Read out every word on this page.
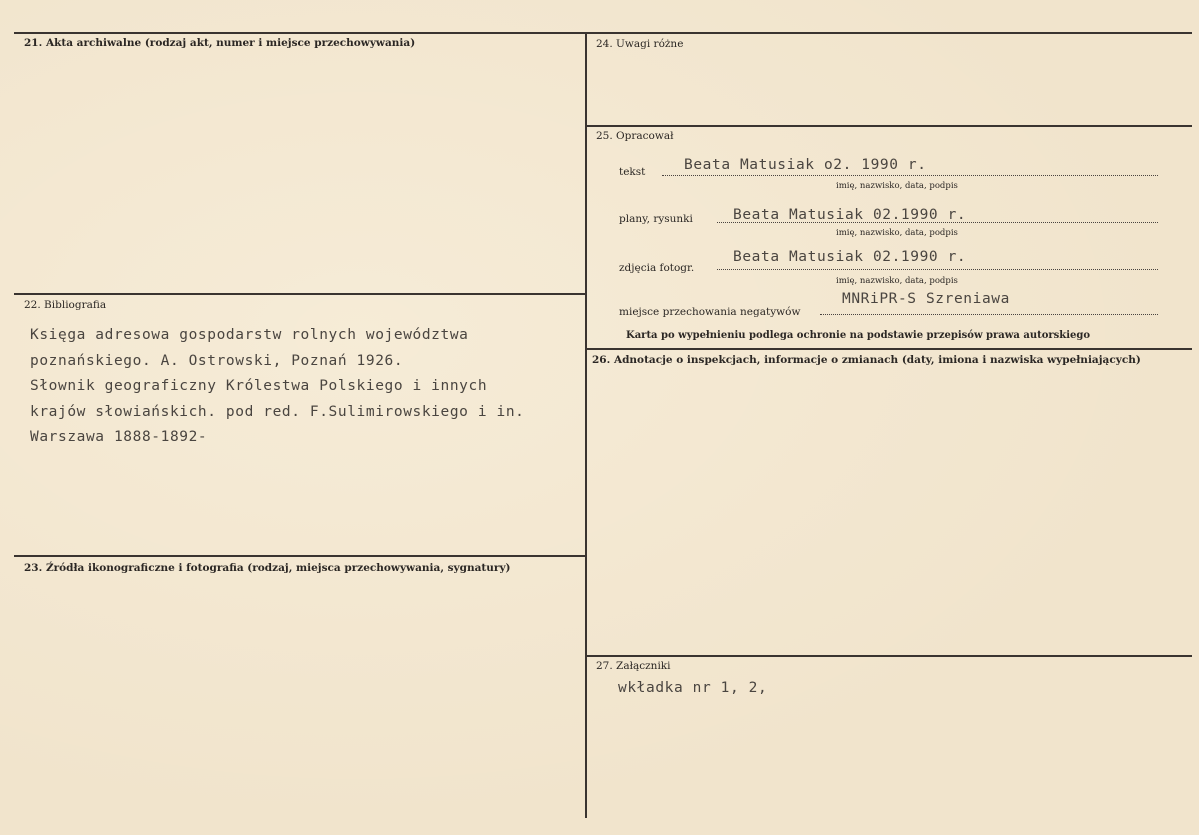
21. Akta archiwalne (rodzaj akt, numer i miejsce przechowywania)
22. Bibliografia
Księga adresowa gospodarstw rolnych województwa
poznańskiego. A. Ostrowski, Poznań 1926.
Słownik geograficzny Królestwa Polskiego i innych
krajów słowiańskich. pod red. F.Sulimirowskiego i in.
Warszawa 1888-1892-
23. Źródła ikonograficzne i fotografia (rodzaj, miejsca przechowywania, sygnatury)
24. Uwagi różne
25. Opracował
tekst	Beata Matusiak o2. 1990 r.
imię, nazwisko, data, podpis
plany, rysunki	Beata Matusiak 02.1990 r.
imię, nazwisko, data, podpis
zdjęcia fotogr.
Beata Matusiak 02.1990 r.
imię, nazwisko, data, podpis
miejsce przechowania negatywów
MNRiPR-S Szreniawa
Karta po wypełnieniu podlega ochronie na podstawie przepisów prawa autorskiego
26. Adnotacje o inspekcjach, informacje o zmianach (daty, imiona i nazwiska wypełniających)
27. Załączniki
wkładka nr 1, 2,
